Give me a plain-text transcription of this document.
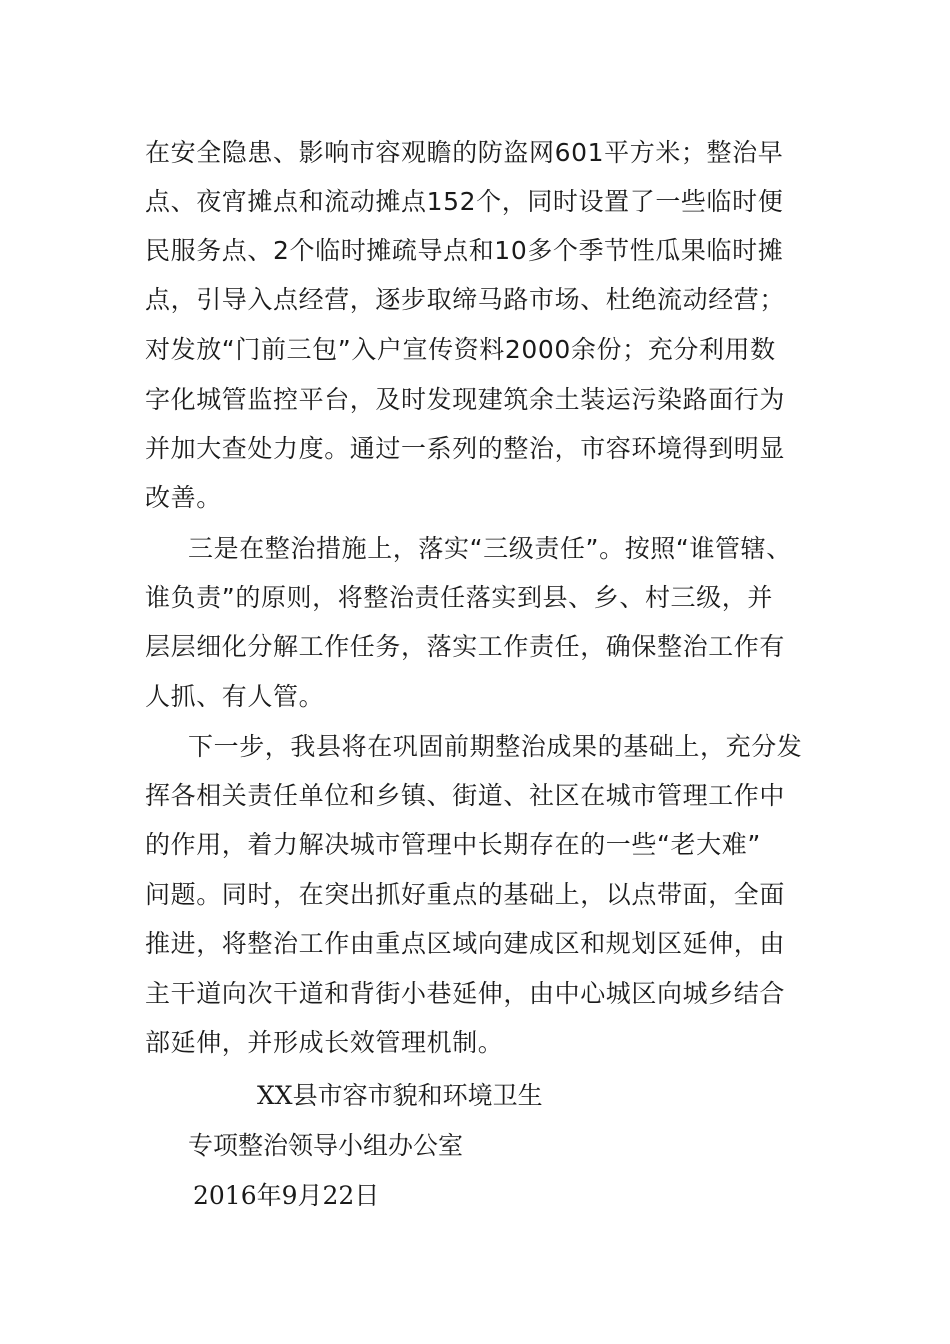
在安全隐患、影响市容观瞻的防盗网601平方米；整治早
点、夜宵摊点和流动摊点152个，同时设置了一些临时便
民服务点、2个临时摊疏导点和10多个季节性瓜果临时摊
点，引导入点经营，逐步取缔马路市场、杜绝流动经营；
对发放“门前三包”入户宣传资料2000余份；充分利用数
字化城管监控平台，及时发现建筑余土装运污染路面行为
并加大查处力度。通过一系列的整治，市容环境得到明显
改善。
三是在整治措施上，落实“三级责任”。按照“谁管辖、
谁负责”的原则，将整治责任落实到县、乡、村三级，并
层层细化分解工作任务，落实工作责任，确保整治工作有
人抓、有人管。
下一步，我县将在巩固前期整治成果的基础上，充分发
挥各相关责任单位和乡镇、街道、社区在城市管理工作中
的作用，着力解决城市管理中长期存在的一些“老大难”
问题。同时，在突出抓好重点的基础上，以点带面，全面
推进，将整治工作由重点区域向建成区和规划区延伸，由
主干道向次干道和背街小巷延伸，由中心城区向城乡结合
部延伸，并形成长效管理机制。
XX县市容市貌和环境卫生
专项整治领导小组办公室
2016年9月22日
